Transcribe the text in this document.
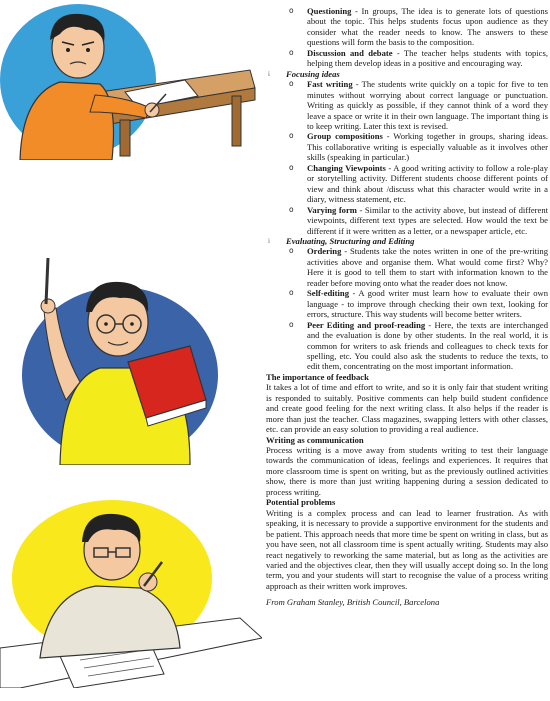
o Questioning - In groups, The idea is to generate lots of questions about the topic. This helps students focus upon audience as they consider what the reader needs to know. The answers to these questions will form the basis to the composition.
o Discussion and debate - The teacher helps students with topics, helping them develop ideas in a positive and encouraging way.
i Focusing ideas
o Fast writing - The students write quickly on a topic for five to ten minutes without worrying about correct language or punctuation. Writing as quickly as possible, if they cannot think of a word they leave a space or write it in their own language. The important thing is to keep writing. Later this text is revised.
o Group compositions - Working together in groups, sharing ideas. This collaborative writing is especially valuable as it involves other skills (speaking in particular.)
o Changing Viewpoints - A good writing activity to follow a role-play or storytelling activity. Different students choose different points of view and think about /discuss what this character would write in a diary, witness statement, etc.
o Varying form - Similar to the activity above, but instead of different viewpoints, different text types are selected. How would the text be different if it were written as a letter, or a newspaper article, etc.
i Evaluating, Structuring and Editing
o Ordering - Students take the notes written in one of the pre-writing activities above and organise them. What would come first? Why? Here it is good to tell them to start with information known to the reader before moving onto what the reader does not know.
o Self-editing - A good writer must learn how to evaluate their own language - to improve through checking their own text, looking for errors, structure. This way students will become better writers.
o Peer Editing and proof-reading - Here, the texts are interchanged and the evaluation is done by other students. In the real world, it is common for writers to ask friends and colleagues to check texts for spelling, etc. You could also ask the students to reduce the texts, to edit them, concentrating on the most important information.
The importance of feedback

It takes a lot of time and effort to write, and so it is only fair that student writing is responded to suitably. Positive comments can help build student confidence and create good feeling for the next writing class. It also helps if the reader is more than just the teacher. Class magazines, swapping letters with other classes, etc. can provide an easy solution to providing a real audience.

Writing as communication

Process writing is a move away from students writing to test their language towards the communication of ideas, feelings and experiences. It requires that more classroom time is spent on writing, but as the previously outlined activities show, there is more than just writing happening during a session dedicated to process writing.

Potential problems

Writing is a complex process and can lead to learner frustration. As with speaking, it is necessary to provide a supportive environment for the students and be patient. This approach needs that more time be spent on writing in class, but as you have seen, not all classroom time is spent actually writing. Students may also react negatively to reworking the same material, but as long as the activities are varied and the objectives clear, then they will usually accept doing so. In the long term, you and your students will start to recognise the value of a process writing approach as their written work improves.

From Graham Stanley, British Council, Barcelona
